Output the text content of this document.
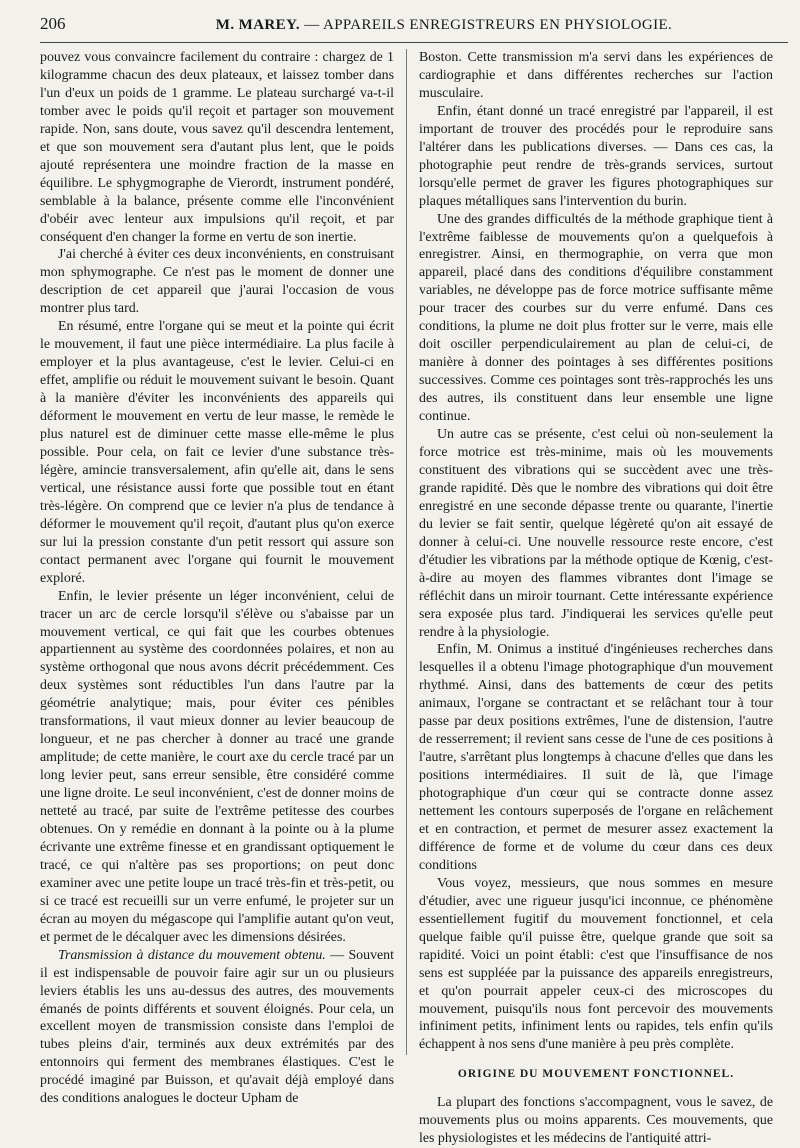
206	M. MAREY. — APPAREILS ENREGISTREURS EN PHYSIOLOGIE.

pouvez vous convaincre facilement du contraire : chargez de 1 kilogramme chacun des deux plateaux, et laissez tomber dans l'un d'eux un poids de 1 gramme. Le plateau surchargé va-t-il tomber avec le poids qu'il reçoit et partager son mouvement rapide. Non, sans doute, vous savez qu'il descendra lentement, et que son mouvement sera d'autant plus lent, que le poids ajouté représentera une moindre fraction de la masse en équilibre. Le sphygmographe de Vierordt, instrument pondéré, semblable à la balance, présente comme elle l'inconvénient d'obéir avec lenteur aux impulsions qu'il reçoit, et par conséquent d'en changer la forme en vertu de son inertie.

J'ai cherché à éviter ces deux inconvénients, en construisant mon sphymographe. Ce n'est pas le moment de donner une description de cet appareil que j'aurai l'occasion de vous montrer plus tard.

En résumé, entre l'organe qui se meut et la pointe qui écrit le mouvement, il faut une pièce intermédiaire. La plus facile à employer et la plus avantageuse, c'est le levier. Celui-ci en effet, amplifie ou réduit le mouvement suivant le besoin. Quant à la manière d'éviter les inconvénients des appareils qui déforment le mouvement en vertu de leur masse, le remède le plus naturel est de diminuer cette masse elle-même le plus possible. Pour cela, on fait ce levier d'une substance très-légère, amincie transversalement, afin qu'elle ait, dans le sens vertical, une résistance aussi forte que possible tout en étant très-légère. On comprend que ce levier n'a plus de tendance à déformer le mouvement qu'il reçoit, d'autant plus qu'on exerce sur lui la pression constante d'un petit ressort qui assure son contact permanent avec l'organe qui fournit le mouvement exploré.

Enfin, le levier présente un léger inconvénient, celui de tracer un arc de cercle lorsqu'il s'élève ou s'abaisse par un mouvement vertical, ce qui fait que les courbes obtenues appartiennent au système des coordonnées polaires, et non au système orthogonal que nous avons décrit précédemment. Ces deux systèmes sont réductibles l'un dans l'autre par la géométrie analytique; mais, pour éviter ces pénibles transformations, il vaut mieux donner au levier beaucoup de longueur, et ne pas chercher à donner au tracé une grande amplitude; de cette manière, le court axe du cercle tracé par un long levier peut, sans erreur sensible, être considéré comme une ligne droite. Le seul inconvénient, c'est de donner moins de netteté au tracé, par suite de l'extrême petitesse des courbes obtenues. On y remédie en donnant à la pointe ou à la plume écrivante une extrême finesse et en grandissant optiquement le tracé, ce qui n'altère pas ses proportions; on peut donc examiner avec une petite loupe un tracé très-fin et très-petit, ou si ce tracé est recueilli sur un verre enfumé, le projeter sur un écran au moyen du mégascope qui l'amplifie autant qu'on veut, et permet de le décalquer avec les dimensions désirées.

Transmission à distance du mouvement obtenu. — Souvent il est indispensable de pouvoir faire agir sur un ou plusieurs leviers établis les uns au-dessus des autres, des mouvements émanés de points différents et souvent éloignés. Pour cela, un excellent moyen de transmission consiste dans l'emploi de tubes pleins d'air, terminés aux deux extrémités par des entonnoirs qui ferment des membranes élastiques. C'est le procédé imaginé par Buisson, et qu'avait déjà employé dans des conditions analogues le docteur Upham de

Boston. Cette transmission m'a servi dans les expériences de cardiographie et dans différentes recherches sur l'action musculaire.

Enfin, étant donné un tracé enregistré par l'appareil, il est important de trouver des procédés pour le reproduire sans l'altérer dans les publications diverses. — Dans ces cas, la photographie peut rendre de très-grands services, surtout lorsqu'elle permet de graver les figures photographiques sur plaques métalliques sans l'intervention du burin.

Une des grandes difficultés de la méthode graphique tient à l'extrême faiblesse de mouvements qu'on a quelquefois à enregistrer. Ainsi, en thermographie, on verra que mon appareil, placé dans des conditions d'équilibre constamment variables, ne développe pas de force motrice suffisante même pour tracer des courbes sur du verre enfumé. Dans ces conditions, la plume ne doit plus frotter sur le verre, mais elle doit osciller perpendiculairement au plan de celui-ci, de manière à donner des pointages à ses différentes positions successives. Comme ces pointages sont très-rapprochés les uns des autres, ils constituent dans leur ensemble une ligne continue.

Un autre cas se présente, c'est celui où non-seulement la force motrice est très-minime, mais où les mouvements constituent des vibrations qui se succèdent avec une très-grande rapidité. Dès que le nombre des vibrations qui doit être enregistré en une seconde dépasse trente ou quarante, l'inertie du levier se fait sentir, quelque légèreté qu'on ait essayé de donner à celui-ci. Une nouvelle ressource reste encore, c'est d'étudier les vibrations par la méthode optique de Kœnig, c'est-à-dire au moyen des flammes vibrantes dont l'image se réfléchit dans un miroir tournant. Cette intéressante expérience sera exposée plus tard. J'indiquerai les services qu'elle peut rendre à la physiologie.

Enfin, M. Onimus a institué d'ingénieuses recherches dans lesquelles il a obtenu l'image photographique d'un mouvement rhythmé. Ainsi, dans des battements de cœur des petits animaux, l'organe se contractant et se relâchant tour à tour passe par deux positions extrêmes, l'une de distension, l'autre de resserrement; il revient sans cesse de l'une de ces positions à l'autre, s'arrêtant plus longtemps à chacune d'elles que dans les positions intermédiaires. Il suit de là, que l'image photographique d'un cœur qui se contracte donne assez nettement les contours superposés de l'organe en relâchement et en contraction, et permet de mesurer assez exactement la différence de forme et de volume du cœur dans ces deux conditions

Vous voyez, messieurs, que nous sommes en mesure d'étudier, avec une rigueur jusqu'ici inconnue, ce phénomène essentiellement fugitif du mouvement fonctionnel, et cela quelque faible qu'il puisse être, quelque grande que soit sa rapidité. Voici un point établi: c'est que l'insuffisance de nos sens est suppléée par la puissance des appareils enregistreurs, et qu'on pourrait appeler ceux-ci des microscopes du mouvement, puisqu'ils nous font percevoir des mouvements infiniment petits, infiniment lents ou rapides, tels enfin qu'ils échappent à nos sens d'une manière à peu près complète.

ORIGINE DU MOUVEMENT FONCTIONNEL.

La plupart des fonctions s'accompagnent, vous le savez, de mouvements plus ou moins apparents. Ces mouvements, que les physiologistes et les médecins de l'antiquité attri-
